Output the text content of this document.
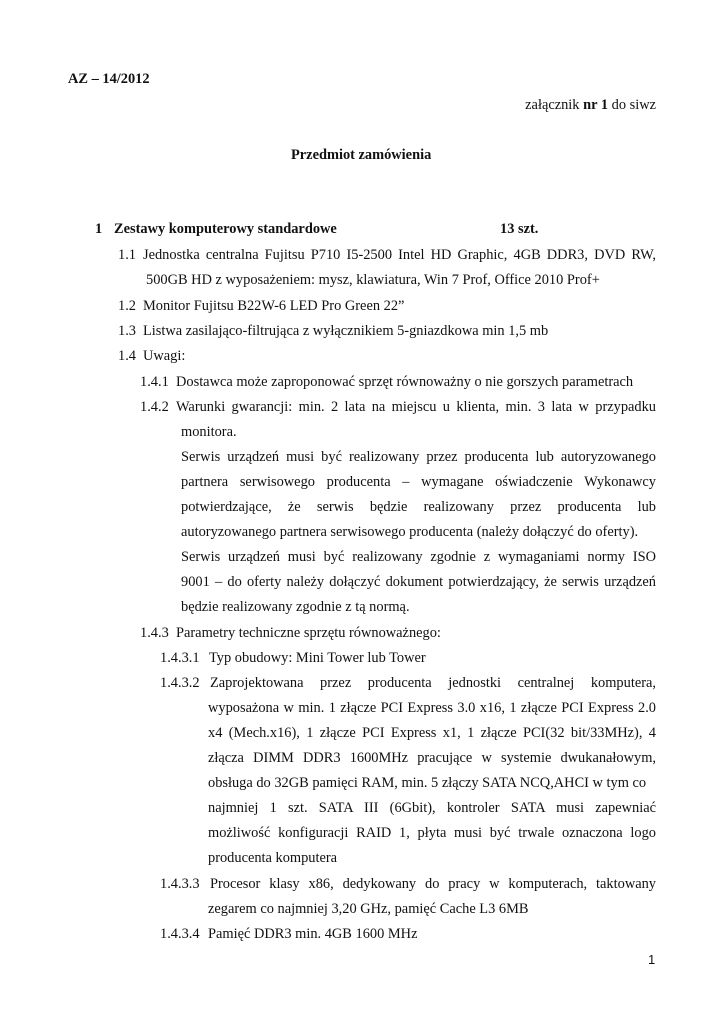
AZ – 14/2012
załącznik nr 1 do siwz
Przedmiot zamówienia
1 Zestawy komputerowy standardowe	13 szt.
1.1 Jednostka centralna Fujitsu P710 I5-2500 Intel HD Graphic, 4GB DDR3, DVD RW,
500GB HD z wyposażeniem: mysz, klawiatura, Win 7 Prof, Office 2010 Prof+
1.2 Monitor Fujitsu B22W-6 LED Pro Green 22”
1.3 Listwa zasilająco-filtrująca z wyłącznikiem 5-gniazdkowa min 1,5 mb
1.4 Uwagi:
1.4.1 Dostawca może zaproponować sprzęt równoważny o nie gorszych parametrach
1.4.2 Warunki gwarancji: min. 2 lata na miejscu u klienta, min. 3 lata w przypadku
monitora.
Serwis urządzeń musi być realizowany przez producenta lub autoryzowanego
partnera serwisowego producenta – wymagane oświadczenie Wykonawcy
potwierdzające, że serwis będzie realizowany przez producenta lub
autoryzowanego partnera serwisowego producenta (należy dołączyć do oferty).
Serwis urządzeń musi być realizowany zgodnie z wymaganiami normy ISO
9001 – do oferty należy dołączyć dokument potwierdzający, że serwis urządzeń
będzie realizowany zgodnie z tą normą.
1.4.3 Parametry techniczne sprzętu równoważnego:
1.4.3.1 Typ obudowy: Mini Tower lub Tower
1.4.3.2 Zaprojektowana przez producenta jednostki centralnej komputera,
wyposażona w min. 1 złącze PCI Express 3.0 x16, 1 złącze PCI Express 2.0
x4 (Mech.x16), 1 złącze PCI Express x1, 1 złącze PCI(32 bit/33MHz), 4
złącza DIMM DDR3 1600MHz pracujące w systemie dwukanałowym,
obsługa do 32GB pamięci RAM, min. 5 złączy SATA NCQ,AHCI w tym co
najmniej 1 szt. SATA III (6Gbit), kontroler SATA musi zapewniać
możliwość konfiguracji RAID 1, płyta musi być trwale oznaczona logo
producenta komputera
1.4.3.3 Procesor klasy x86, dedykowany do pracy w komputerach, taktowany
zegarem co najmniej 3,20 GHz, pamięć Cache L3 6MB
1.4.3.4 Pamięć DDR3 min. 4GB 1600 MHz
1
